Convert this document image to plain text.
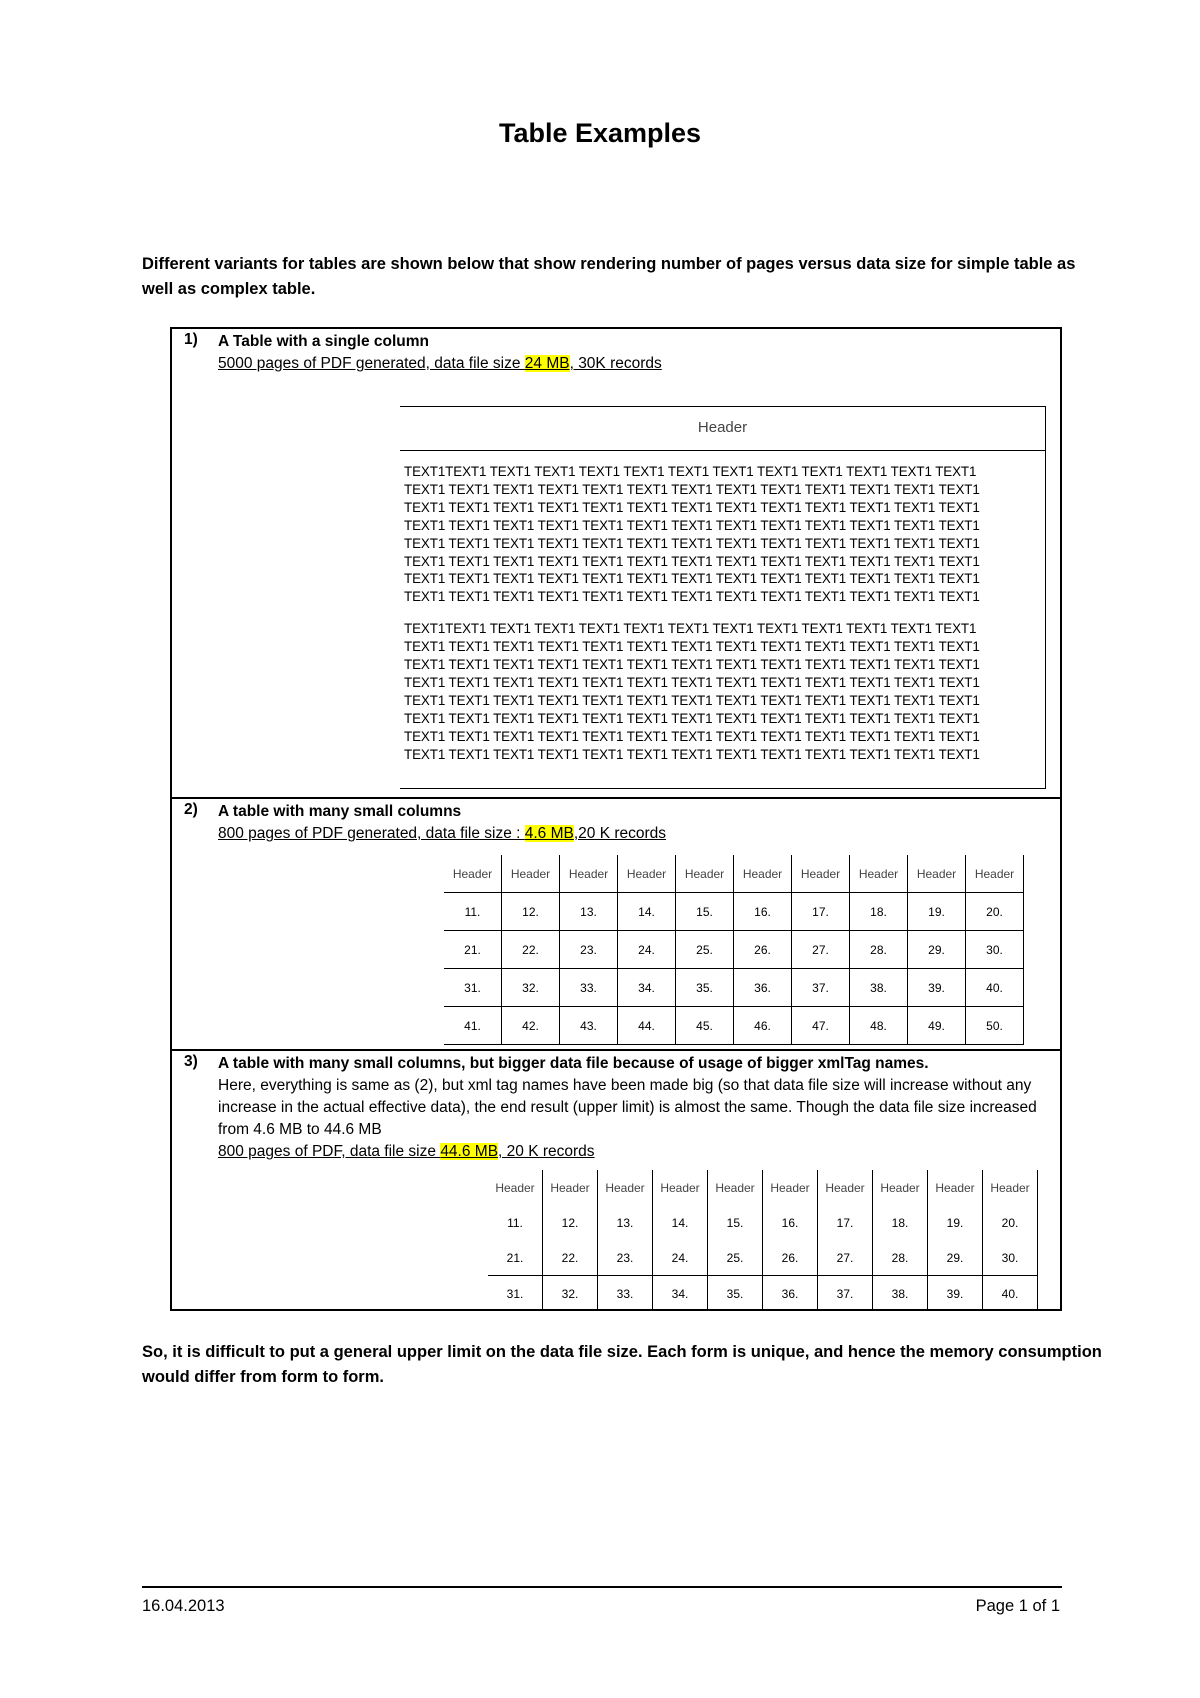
Table Examples
Different variants for tables are shown below that show rendering number of pages versus data size for simple table as well as complex table.
1) A Table with a single column
5000 pages of PDF generated, data file size 24 MB, 30K records
Header
TEXT1TEXT1 TEXT1 TEXT1 TEXT1 TEXT1 TEXT1 TEXT1 TEXT1 TEXT1 TEXT1 TEXT1 TEXT1
TEXT1 TEXT1 TEXT1 TEXT1 TEXT1 TEXT1 TEXT1 TEXT1 TEXT1 TEXT1 TEXT1 TEXT1 TEXT1
TEXT1 TEXT1 TEXT1 TEXT1 TEXT1 TEXT1 TEXT1 TEXT1 TEXT1 TEXT1 TEXT1 TEXT1 TEXT1
TEXT1 TEXT1 TEXT1 TEXT1 TEXT1 TEXT1 TEXT1 TEXT1 TEXT1 TEXT1 TEXT1 TEXT1 TEXT1
TEXT1 TEXT1 TEXT1 TEXT1 TEXT1 TEXT1 TEXT1 TEXT1 TEXT1 TEXT1 TEXT1 TEXT1 TEXT1
TEXT1 TEXT1 TEXT1 TEXT1 TEXT1 TEXT1 TEXT1 TEXT1 TEXT1 TEXT1 TEXT1 TEXT1 TEXT1
TEXT1 TEXT1 TEXT1 TEXT1 TEXT1 TEXT1 TEXT1 TEXT1 TEXT1 TEXT1 TEXT1 TEXT1 TEXT1
TEXT1 TEXT1 TEXT1 TEXT1 TEXT1 TEXT1 TEXT1 TEXT1 TEXT1 TEXT1 TEXT1 TEXT1 TEXT1
TEXT1TEXT1 TEXT1 TEXT1 TEXT1 TEXT1 TEXT1 TEXT1 TEXT1 TEXT1 TEXT1 TEXT1 TEXT1
TEXT1 TEXT1 TEXT1 TEXT1 TEXT1 TEXT1 TEXT1 TEXT1 TEXT1 TEXT1 TEXT1 TEXT1 TEXT1
TEXT1 TEXT1 TEXT1 TEXT1 TEXT1 TEXT1 TEXT1 TEXT1 TEXT1 TEXT1 TEXT1 TEXT1 TEXT1
TEXT1 TEXT1 TEXT1 TEXT1 TEXT1 TEXT1 TEXT1 TEXT1 TEXT1 TEXT1 TEXT1 TEXT1 TEXT1
TEXT1 TEXT1 TEXT1 TEXT1 TEXT1 TEXT1 TEXT1 TEXT1 TEXT1 TEXT1 TEXT1 TEXT1 TEXT1
TEXT1 TEXT1 TEXT1 TEXT1 TEXT1 TEXT1 TEXT1 TEXT1 TEXT1 TEXT1 TEXT1 TEXT1 TEXT1
TEXT1 TEXT1 TEXT1 TEXT1 TEXT1 TEXT1 TEXT1 TEXT1 TEXT1 TEXT1 TEXT1 TEXT1 TEXT1
TEXT1 TEXT1 TEXT1 TEXT1 TEXT1 TEXT1 TEXT1 TEXT1 TEXT1 TEXT1 TEXT1 TEXT1 TEXT1
2) A table with many small columns
800 pages of PDF generated, data file size : 4.6 MB,20 K records
Header	Header	Header	Header	Header	Header	Header	Header	Header	Header
11.	12.	13.	14.	15.	16.	17.	18.	19.	20.
21.	22.	23.	24.	25.	26.	27.	28.	29.	30.
31.	32.	33.	34.	35.	36.	37.	38.	39.	40.
41.	42.	43.	44.	45.	46.	47.	48.	49.	50.
3) A table with many small columns, but bigger data file because of usage of bigger xmlTag names.
Here, everything is same as (2), but xml tag names have been made big (so that data file size will increase without any increase in the actual effective data), the end result (upper limit) is almost the same. Though the data file size increased from 4.6 MB to 44.6 MB
800 pages of PDF, data file size 44.6 MB, 20 K records
Header	Header	Header	Header	Header	Header	Header	Header	Header	Header
11.	12.	13.	14.	15.	16.	17.	18.	19.	20.
21.	22.	23.	24.	25.	26.	27.	28.	29.	30.
31.	32.	33.	34.	35.	36.	37.	38.	39.	40.
So, it is difficult to put a general upper limit on the data file size. Each form is unique, and hence the memory consumption would differ from form to form.
16.04.2013	Page 1 of 1
